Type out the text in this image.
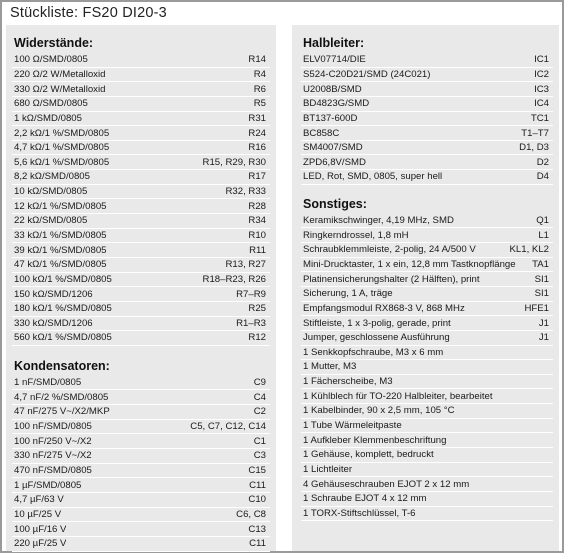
Stückliste: FS20 DI20-3
Widerstände:
100 Ω/SMD/0805	R14
220 Ω/2 W/Metalloxid	R4
330 Ω/2 W/Metalloxid	R6
680 Ω/SMD/0805	R5
1 kΩ/SMD/0805	R31
2,2 kΩ/1 %/SMD/0805	R24
4,7 kΩ/1 %/SMD/0805	R16
5,6 kΩ/1 %/SMD/0805	R15, R29, R30
8,2 kΩ/SMD/0805	R17
10 kΩ/SMD/0805	R32, R33
12 kΩ/1 %/SMD/0805	R28
22 kΩ/SMD/0805	R34
33 kΩ/1 %/SMD/0805	R10
39 kΩ/1 %/SMD/0805	R11
47 kΩ/1 %/SMD/0805	R13, R27
100 kΩ/1 %/SMD/0805	R18–R23, R26
150 kΩ/SMD/1206	R7–R9
180 kΩ/1 %/SMD/0805	R25
330 kΩ/SMD/1206	R1–R3
560 kΩ/1 %/SMD/0805	R12
Kondensatoren:
1 nF/SMD/0805	C9
4,7 nF/2 %/SMD/0805	C4
47 nF/275 V~/X2/MKP	C2
100 nF/SMD/0805	C5, C7, C12, C14
100 nF/250 V~/X2	C1
330 nF/275 V~/X2	C3
470 nF/SMD/0805	C15
1 µF/SMD/0805	C11
4,7 µF/63 V	C10
10 µF/25 V	C6, C8
100 µF/16 V	C13
220 µF/25 V	C11
Halbleiter:
ELV07714/DIE	IC1
S524-C20D21/SMD (24C021)	IC2
U2008B/SMD	IC3
BD4823G/SMD	IC4
BT137-600D	TC1
BC858C	T1–T7
SM4007/SMD	D1, D3
ZPD6,8V/SMD	D2
LED, Rot, SMD, 0805, super hell	D4
Sonstiges:
Keramikschwinger, 4,19 MHz, SMD	Q1
Ringkerndrossel, 1,8 mH	L1
Schraubklemmleiste, 2-polig, 24 A/500 V	KL1, KL2
Mini-Drucktaster, 1 x ein, 12,8 mm Tastknopflänge	TA1
Platinensicherungshalter (2 Hälften), print	SI1
Sicherung, 1 A, träge	SI1
Empfangsmodul RX868-3 V, 868 MHz	HFE1
Stiftleiste, 1 x 3-polig, gerade, print	J1
Jumper, geschlossene Ausführung	J1
1 Senkkopfschraube, M3 x 6 mm
1 Mutter, M3
1 Fächerscheibe, M3
1 Kühlblech für TO-220 Halbleiter, bearbeitet
1 Kabelbinder, 90 x 2,5 mm, 105 °C
1 Tube Wärmeleitpaste
1 Aufkleber Klemmenbeschriftung
1 Gehäuse, komplett, bedruckt
1 Lichtleiter
4 Gehäuseschrauben EJOT 2 x 12 mm
1 Schraube EJOT 4 x 12 mm
1 TORX-Stiftschlüssel, T-6
